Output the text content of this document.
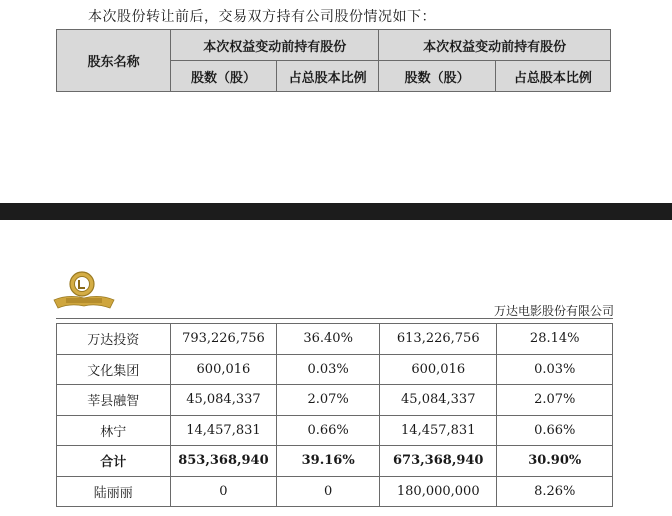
本次股份转让前后，交易双方持有公司股份情况如下：
股东名称	本次权益变动前持有股份		本次权益变动前持有股份	
	股数（股）	占总股本比例	股数（股）	占总股本比例
万达电影股份有限公司
万达投资	793,226,756	36.40%	613,226,756	28.14%
文化集团	600,016	0.03%	600,016	0.03%
莘县融智	45,084,337	2.07%	45,084,337	2.07%
林宁	14,457,831	0.66%	14,457,831	0.66%
合计	853,368,940	39.16%	673,368,940	30.90%
陆丽丽	0	0	180,000,000	8.26%
